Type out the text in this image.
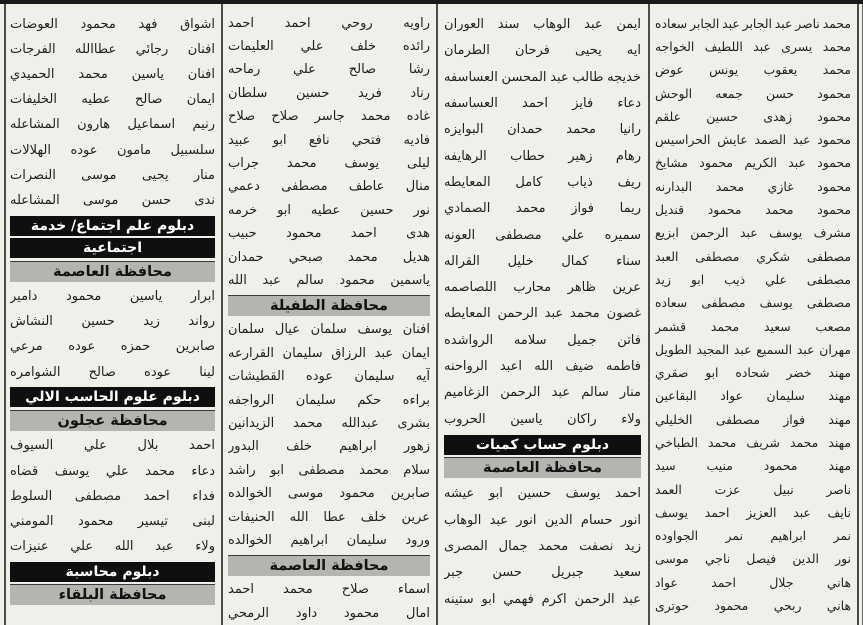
اشواق
فهد
محمود
العوضات
افنان
رجائي
عطاالله
الفرجات
افنان
ياسين
محمد
الحميدي
ايمان
صالح
عطيه
الخليفات
رنيم
اسماعيل
هارون
المشاعله
سلسبيل
مامون
عوده
الهلالات
منار
يحيى
موسى
النصرات
ندى
حسن
موسى
المشاعله
دبلوم علم اجتماع/ خدمة
اجتماعية
محافظة العاصمة
ابرار
ياسين
محمود
دامير
رواند
زيد
حسين
النشاش
صابرين
حمزه
عوده
مرعي
لينا
عوده
صالح
الشوامره
دبلوم علوم الحاسب الالي
محافظة عجلون
احمد
بلال
علي
السيوف
دعاء
محمد
علي
يوسف
قضاه
فداء
احمد
مصطفى
السلوط
لبنى
تيسير
محمود
المومني
ولاء
عبد
الله
علي
عنيزات
دبلوم محاسبة
محافظة البلقاء
راويه
روحي
احمد
احمد
رائده
خلف
علي
العليمات
رشا
صالح
علي
رماحه
رناد
فريد
حسين
سلطان
غاده
محمد
جاسر
صلاح
صلاح
فاديه
فتحي
نافع
ابو
عبيد
ليلى
يوسف
محمد
جراب
منال
عاطف
مصطفى
دعمي
نور
حسين
عطيه
ابو
خرمه
هدى
احمد
محمود
حبيب
هديل
محمد
صبحي
حمدان
ياسمين
محمود
سالم
عبد
الله
محافظة الطفيلة
افنان
يوسف
سلمان
عيال
سلمان
ايمان
عبد
الرزاق
سليمان
القرارعه
آيه
سليمان
عوده
القطيشات
براءه
حكم
سليمان
الرواجفه
بشرى
عبدالله
محمد
الزيدانين
زهور
ابراهيم
خلف
البدور
سلام
محمد
مصطفى
ابو
راشد
صابرين
محمود
موسى
الخوالده
عرين
خلف
عطا
الله
الحنيفات
ورود
سليمان
ابراهيم
الخوالده
محافظة العاصمة
اسماء
صلاح
محمد
احمد
امال
محمود
داود
الرمحي
ايمن
عبد
الوهاب
سند
العوران
ايه
يحيى
فرحان
الطرمان
خديجه
طالب
عبد
المحسن
العساسفه
دعاء
فايز
احمد
العساسفه
رانيا
محمد
حمدان
البوايزه
رهام
زهير
حطاب
الرهايفه
ريف
ذياب
كامل
المعايطه
ريما
فواز
محمد
الصمادي
سميره
علي
مصطفى
العونه
سناء
كمال
خليل
القراله
عرين
ظاهر
محارب
اللصاصمه
غصون
محمد
عبد
الرحمن
المعايطه
فاتن
جميل
سلامه
الرواشده
فاطمه
ضيف
الله
اعبد
الرواحنه
منار
سالم
عبد
الرحمن
الزغاميم
ولاء
راكان
ياسين
الحروب
دبلوم حساب كميات
محافظة العاصمة
احمد
يوسف
حسين
ابو
عيشه
انور
حسام
الدين
انور
عبد
الوهاب
زيد
نصفت
محمد
جمال
المصرى
سعيد
جبريل
حسن
جبر
عبد
الرحمن
اكرم
فهمي
ابو
ستينه
محمد
ناصر
عبد
الجابر
عبد
الجابر
سعاده
محمد
يسرى
عبد
اللطيف
الخواجه
محمد
يعقوب
يونس
عوض
محمود
حسن
جمعه
الوحش
محمود
زهدى
حسين
علقم
محمود
عبد
الصمد
عايش
الحراسيس
محمود
عبد
الكريم
محمود
مشايخ
محمود
غازي
محمد
البدارنه
محمود
محمد
محمود
قنديل
مشرف
يوسف
عبد
الرحمن
ابزيع
مصطفى
شكري
مصطفى
العبد
مصطفى
علي
ذيب
ابو
زيد
مصطفى
يوسف
مصطفى
سعاده
مصعب
سعيد
محمد
قشمر
مهران
عبد
السميع
عبد
المجيد
الطويل
مهند
خضر
شحاده
ابو
صقري
مهند
سليمان
عواد
البقاعين
مهند
فواز
مصطفى
الخليلي
مهند
محمد
شريف
محمد
الطباخي
مهند
محمود
منيب
سيد
ناصر
نبيل
عزت
العمد
نايف
عبد
العزيز
احمد
يوسف
نمر
ابراهيم
نمر
الجواوده
نور
الدين
فيصل
ناجي
موسى
هاني
جلال
احمد
عواد
هاني
ربحي
محمود
حوترى
